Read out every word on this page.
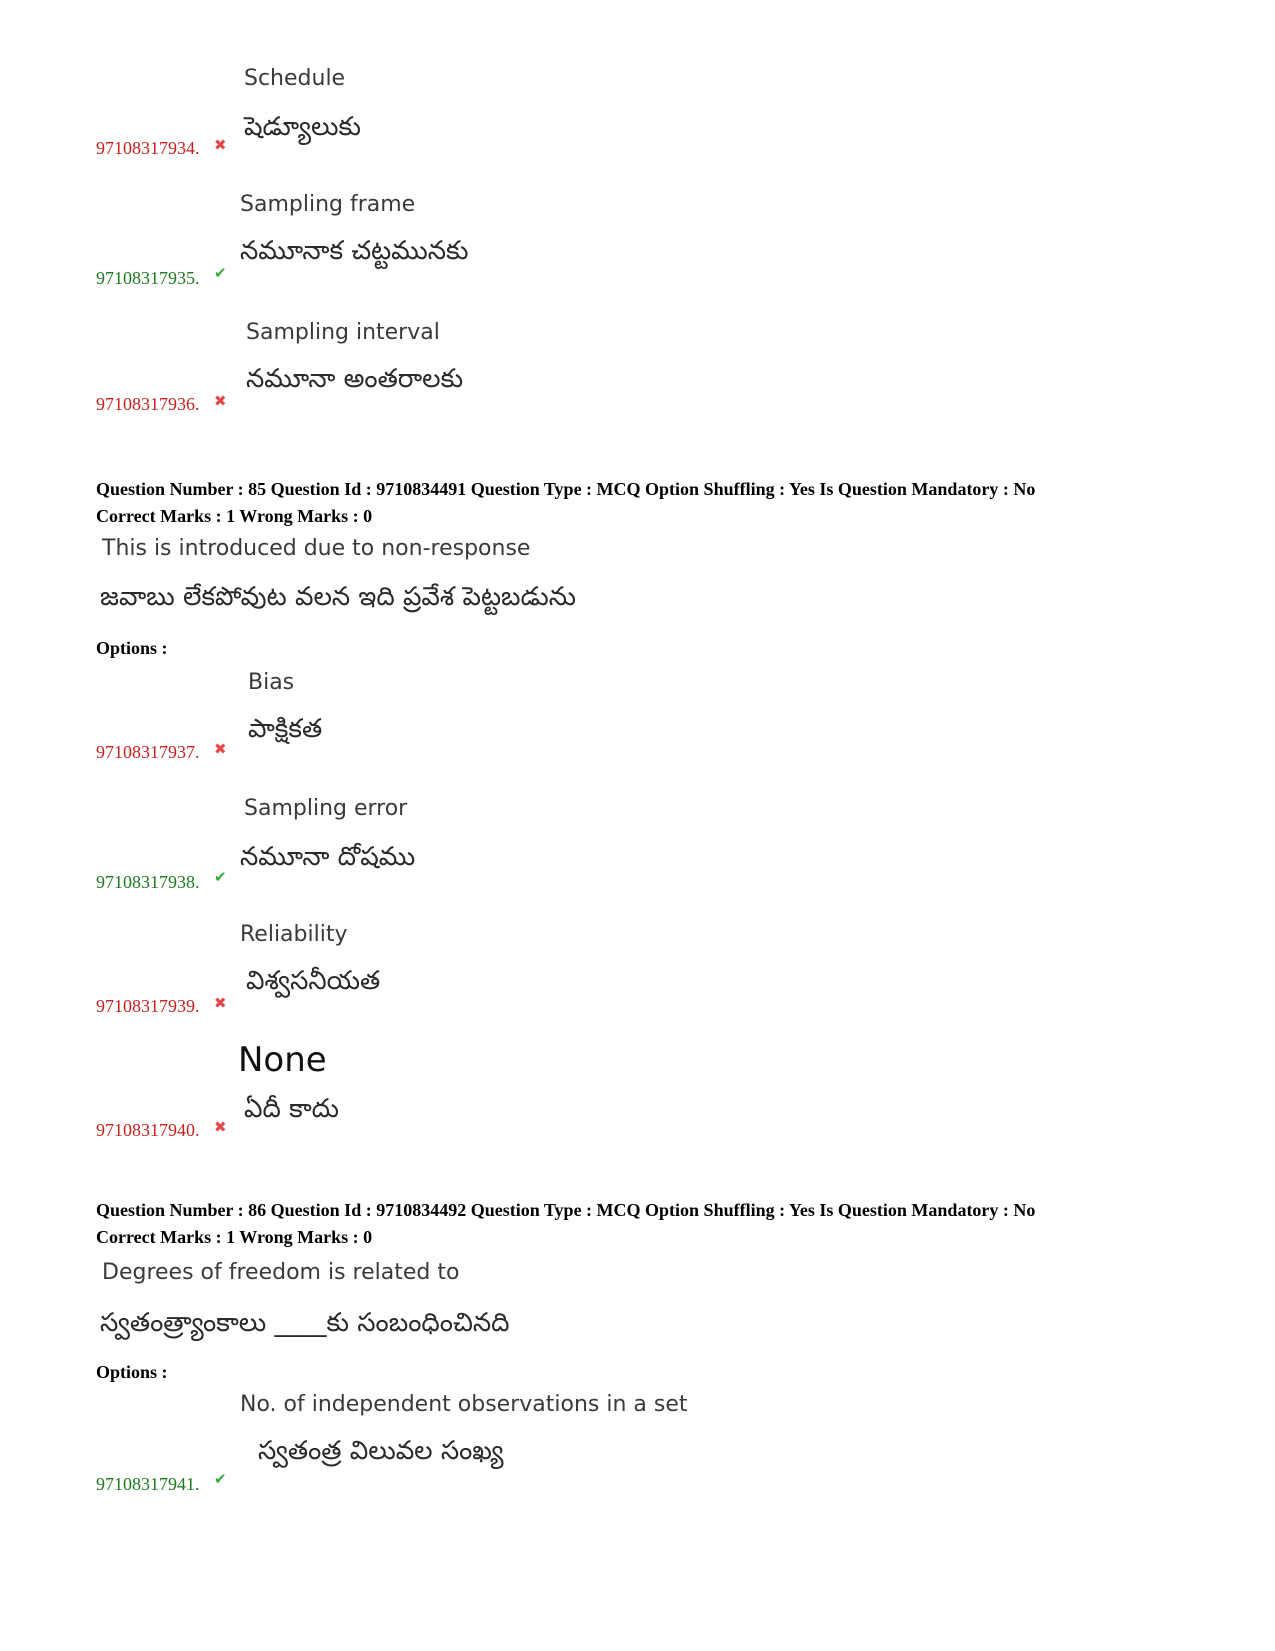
Schedule
షెడ్యూలుకు
97108317934. ✖
Sampling frame
నమూనాక చట్టమునకు
97108317935. ✔
Sampling interval
నమూనా అంతరాలకు
97108317936. ✖
Question Number : 85 Question Id : 9710834491 Question Type : MCQ Option Shuffling : Yes Is Question Mandatory : No
Correct Marks : 1 Wrong Marks : 0
This is introduced due to non-response
జవాబు లేకపోవుట వలన ఇది ప్రవేశ పెట్టబడును
Options :
Bias
పాక్షికత
97108317937. ✖
Sampling error
నమూనా దోషము
97108317938. ✔
Reliability
విశ్వసనీయత
97108317939. ✖
None
ఏదీ కాదు
97108317940. ✖
Question Number : 86 Question Id : 9710834492 Question Type : MCQ Option Shuffling : Yes Is Question Mandatory : No
Correct Marks : 1 Wrong Marks : 0
Degrees of freedom is related to
స్వతంత్ర్యాంకాలు ____కు సంబంధించినది
Options :
No. of independent observations in a set
స్వతంత్ర విలువల సంఖ్య
97108317941. ✔
